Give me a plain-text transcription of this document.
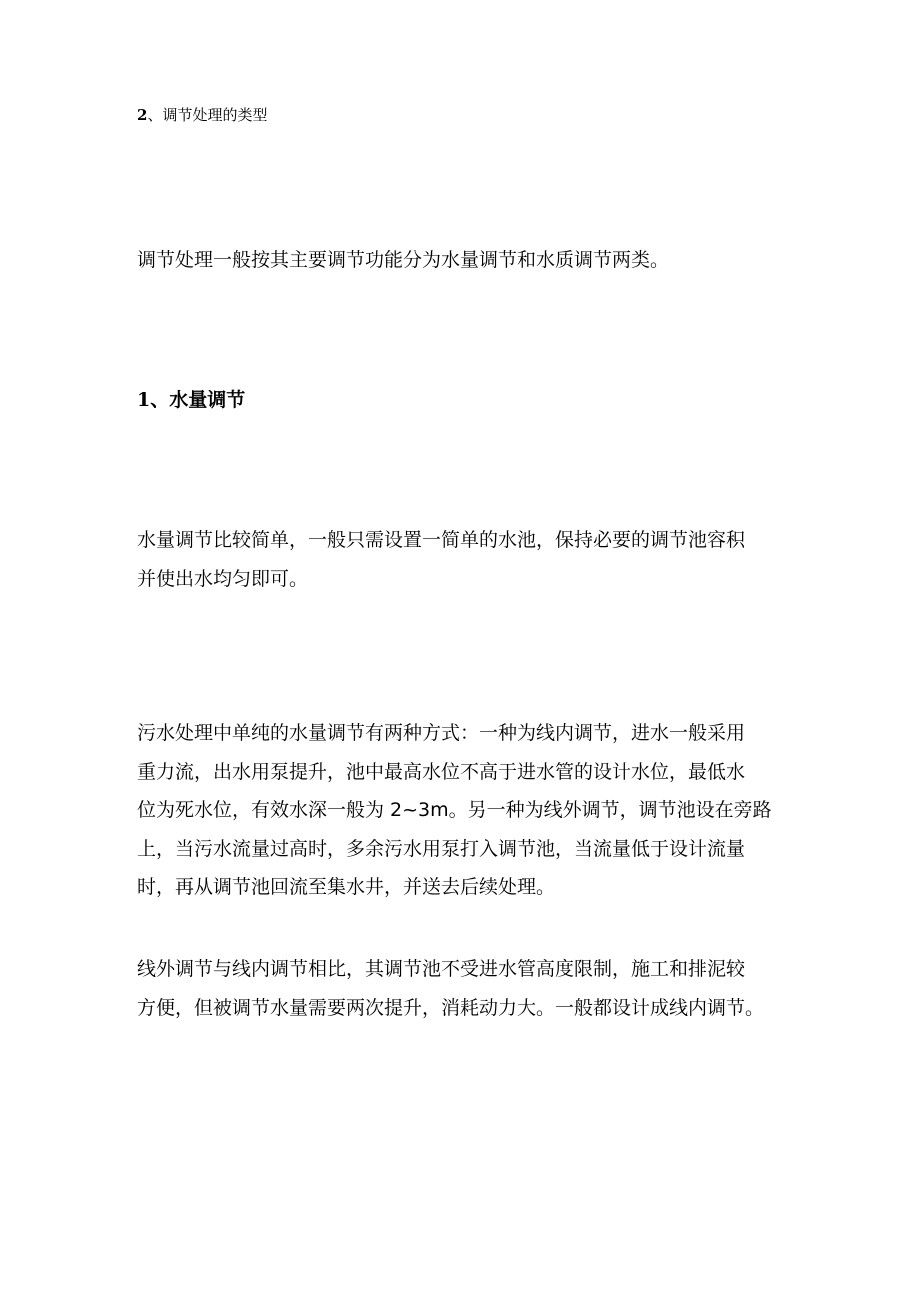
2、调节处理的类型

调节处理一般按其主要调节功能分为水量调节和水质调节两类。

1、水量调节

水量调节比较简单，一般只需设置一简单的水池，保持必要的调节池容积
并使出水均匀即可。
污水处理中单纯的水量调节有两种方式：一种为线内调节，进水一般采用
重力流，出水用泵提升，池中最高水位不高于进水管的设计水位，最低水
位为死水位，有效水深一般为 2~3m。另一种为线外调节，调节池设在旁路
上，当污水流量过高时，多余污水用泵打入调节池，当流量低于设计流量
时，再从调节池回流至集水井，并送去后续处理。
线外调节与线内调节相比，其调节池不受进水管高度限制，施工和排泥较
方便，但被调节水量需要两次提升，消耗动力大。一般都设计成线内调节。
